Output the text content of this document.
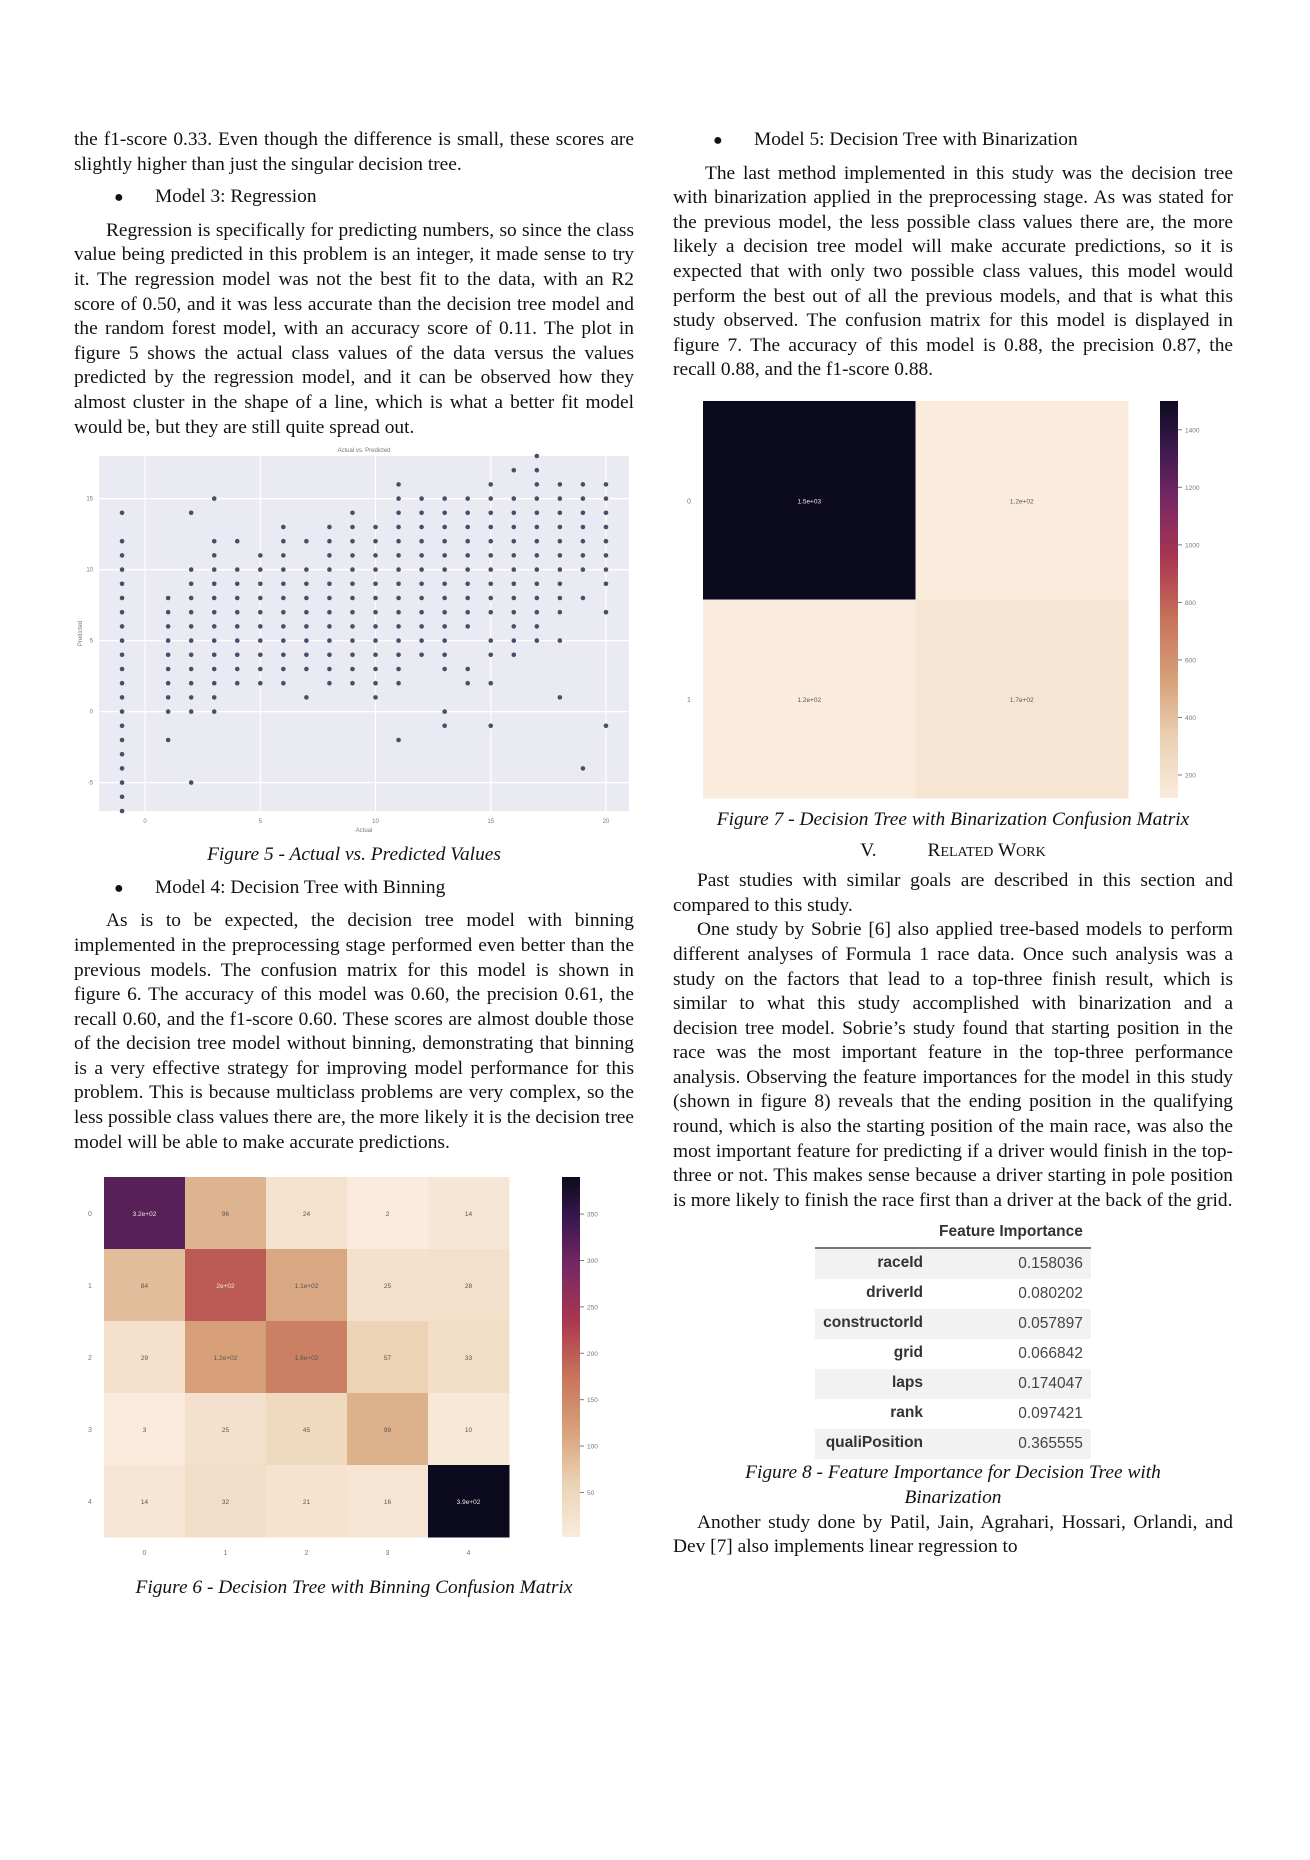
the f1-score 0.33. Even though the difference is small, these scores are slightly higher than just the singular decision tree.

●	Model 3: Regression

Regression is specifically for predicting numbers, so since the class value being predicted in this problem is an integer, it made sense to try it. The regression model was not the best fit to the data, with an R2 score of 0.50, and it was less accurate than the decision tree model and the random forest model, with an accuracy score of 0.11. The plot in figure 5 shows the actual class values of the data versus the values predicted by the regression model, and it can be observed how they almost cluster in the shape of a line, which is what a better fit model would be, but they are still quite spread out.

0	5	10	15	20
15
10
5
0
-5
Actual vs. Predicted
Actual
Predicted
Figure 5 - Actual vs. Predicted Values
●	Model 4: Decision Tree with Binning

As is to be expected, the decision tree model with binning implemented in the preprocessing stage performed even better than the previous models. The confusion matrix for this model is shown in figure 6. The accuracy of this model was 0.60, the precision 0.61, the recall 0.60, and the f1-score 0.60. These scores are almost double those of the decision tree model without binning, demonstrating that binning is a very effective strategy for improving model performance for this problem. This is because multiclass problems are very complex, so the less possible class values there are, the more likely it is the decision tree model will be able to make accurate predictions.

3.2e+02	96	24	2	14
84	2e+02	1.1e+02	25	28
29	1.2e+02	1.6e+02	57	33
3	25	45	99	10
14	32	21	16	3.9e+02
0
1
2
3
4
0	1	2	3	4
350
300
250
200
150
100
50
Figure 6 - Decision Tree with Binning Confusion Matrix
●	Model 5: Decision Tree with Binarization

The last method implemented in this study was the decision tree with binarization applied in the preprocessing stage. As was stated for the previous model, the less possible class values there are, the more likely a decision tree model will make accurate predictions, so it is expected that with only two possible class values, this model would perform the best out of all the previous models, and that is what this study observed. The confusion matrix for this model is displayed in figure 7. The accuracy of this model is 0.88, the precision 0.87, the recall 0.88, and the f1-score 0.88.

1.5e+03	1.2e+02
1.2e+02	1.7e+02
0
1
1400
1200
1000
800
600
400
200
Figure 7 - Decision Tree with Binarization Confusion Matrix
V.	Related Work

Past studies with similar goals are described in this section and compared to this study.

One study by Sobrie [6] also applied tree-based models to perform different analyses of Formula 1 race data. Once such analysis was a study on the factors that lead to a top-three finish result, which is similar to what this study accomplished with binarization and a decision tree model. Sobrie’s study found that starting position in the race was the most important feature in the top-three performance analysis. Observing the feature importances for the model in this study (shown in figure 8) reveals that the ending position in the qualifying round, which is also the starting position of the main race, was also the most important feature for predicting if a driver would finish in the top-three or not. This makes sense because a driver starting in pole position is more likely to finish the race first than a driver at the back of the grid.

	Feature Importance
raceId	0.158036
driverId	0.080202
constructorId	0.057897
grid	0.066842
laps	0.174047
rank	0.097421
qualiPosition	0.365555
Figure 8 - Feature Importance for Decision Tree with
Binarization

Another study done by Patil, Jain, Agrahari, Hossari, Orlandi, and Dev [7] also implements linear regression to
